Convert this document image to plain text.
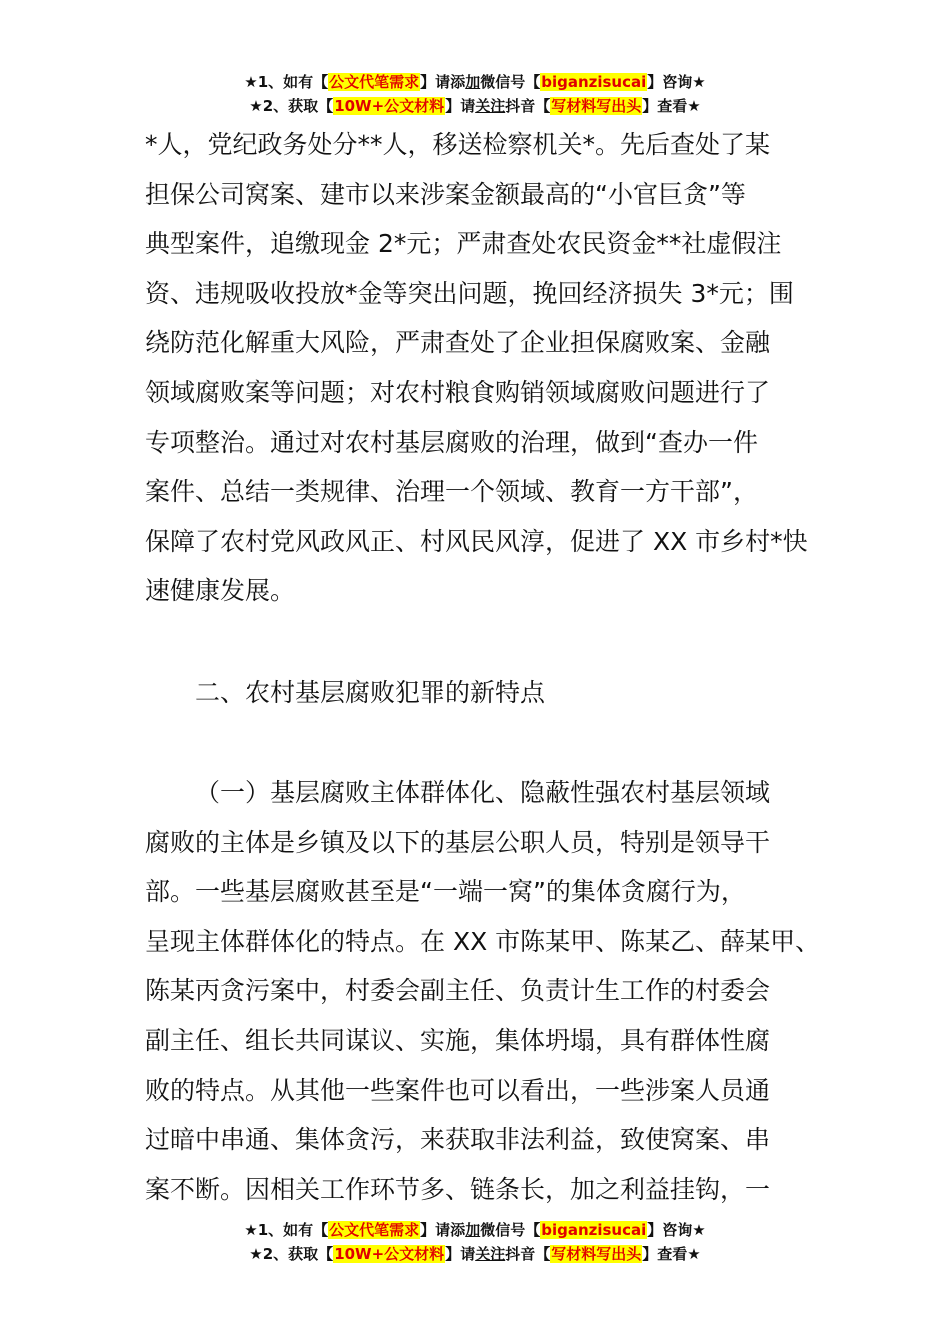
★1、如有【公文代笔需求】请添加微信号【biganzisucai】咨询★
★2、获取【10W+公文材料】请关注抖音【写材料写出头】查看★
*人，党纪政务处分**人，移送检察机关*。先后查处了某
担保公司窝案、建市以来涉案金额最高的“小官巨贪”等
典型案件，追缴现金 2*元；严肃查处农民资金**社虚假注
资、违规吸收投放*金等突出问题，挽回经济损失 3*元；围
绕防范化解重大风险，严肃查处了企业担保腐败案、金融
领域腐败案等问题；对农村粮食购销领域腐败问题进行了
专项整治。通过对农村基层腐败的治理，做到“查办一件
案件、总结一类规律、治理一个领域、教育一方干部”，
保障了农村党风政风正、村风民风淳，促进了 XX 市乡村*快
速健康发展。
二、农村基层腐败犯罪的新特点
（一）基层腐败主体群体化、隐蔽性强农村基层领域
腐败的主体是乡镇及以下的基层公职人员，特别是领导干
部。一些基层腐败甚至是“一端一窝”的集体贪腐行为，
呈现主体群体化的特点。在 XX 市陈某甲、陈某乙、薛某甲、
陈某丙贪污案中，村委会副主任、负责计生工作的村委会
副主任、组长共同谋议、实施，集体坍塌，具有群体性腐
败的特点。从其他一些案件也可以看出，一些涉案人员通
过暗中串通、集体贪污，来获取非法利益，致使窝案、串
案不断。因相关工作环节多、链条长，加之利益挂钩，一
★1、如有【公文代笔需求】请添加微信号【biganzisucai】咨询★
★2、获取【10W+公文材料】请关注抖音【写材料写出头】查看★
